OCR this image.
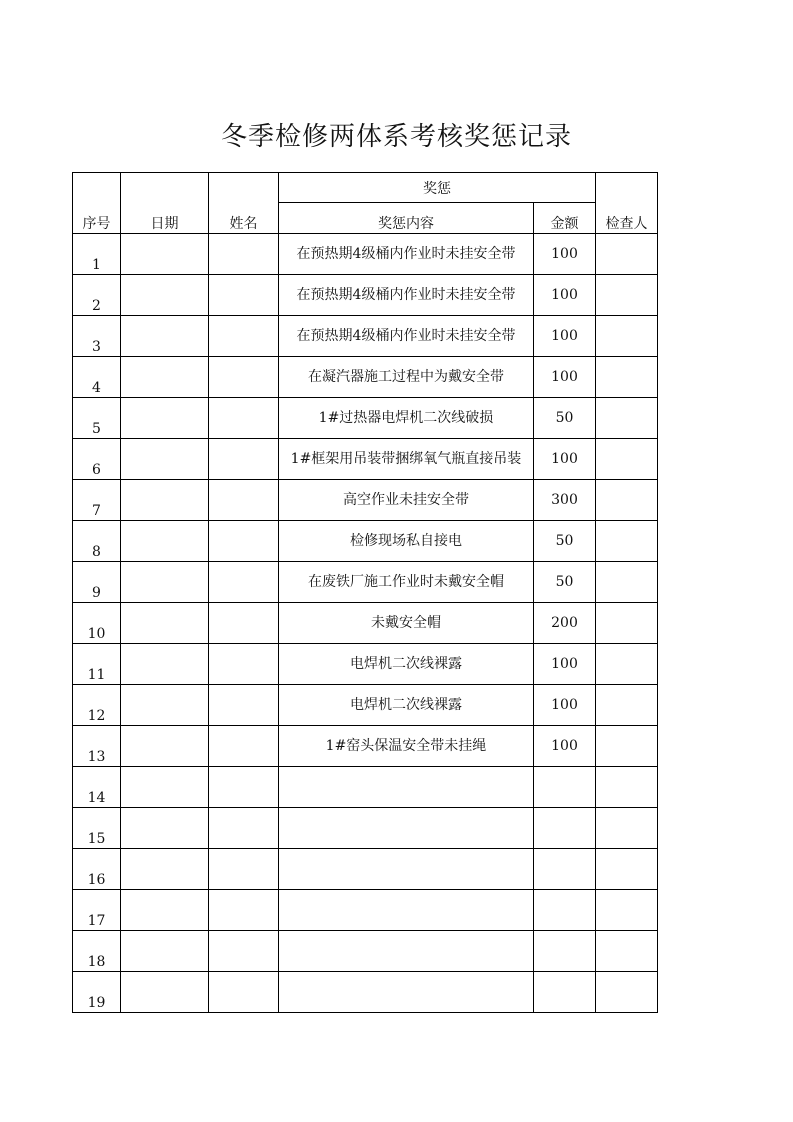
冬季检修两体系考核奖惩记录
序号	日期	姓名	奖惩		检查人
			奖惩内容	金额	
1			在预热期4级桶内作业时未挂安全带	100	
2			在预热期4级桶内作业时未挂安全带	100	
3			在预热期4级桶内作业时未挂安全带	100	
4			在凝汽器施工过程中为戴安全带	100	
5			1#过热器电焊机二次线破损	50	
6			1#框架用吊装带捆绑氧气瓶直接吊装	100	
7			高空作业未挂安全带	300	
8			检修现场私自接电	50	
9			在废铁厂施工作业时未戴安全帽	50	
10			未戴安全帽	200	
11			电焊机二次线裸露	100	
12			电焊机二次线裸露	100	
13			1#窑头保温安全带未挂绳	100	
14					
15					
16					
17					
18					
19					
